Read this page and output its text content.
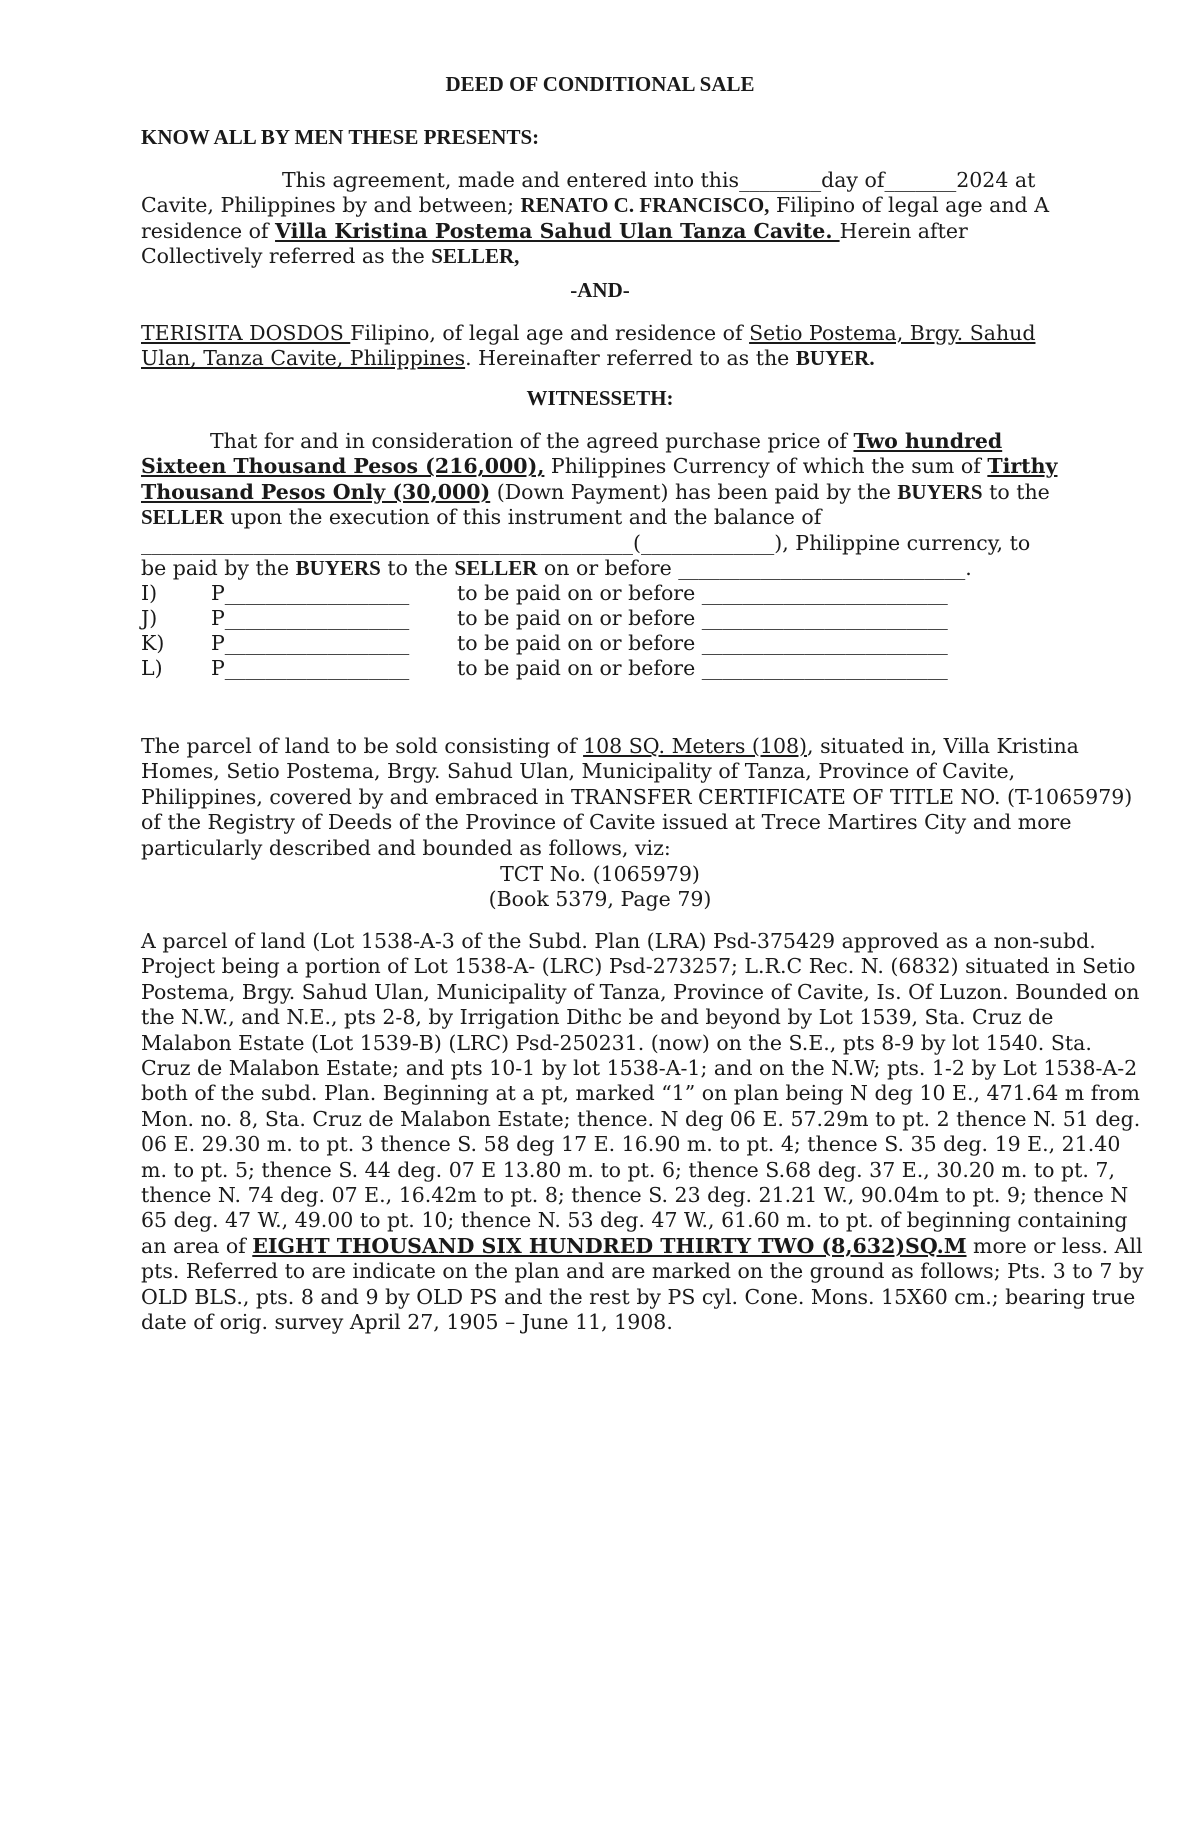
DEED OF CONDITIONAL SALE

KNOW ALL BY MEN THESE PRESENTS:

This agreement, made and entered into this________day of_______2024 at Cavite, Philippines by and between; RENATO C. FRANCISCO, Filipino of legal age and A residence of Villa Kristina Postema Sahud Ulan Tanza Cavite. Herein after Collectively referred as the SELLER,

-AND-

TERISITA DOSDOS Filipino, of legal age and residence of Setio Postema, Brgy. Sahud Ulan, Tanza Cavite, Philippines. Hereinafter referred to as the BUYER.

WITNESSETH:

That for and in consideration of the agreed purchase price of Two hundred Sixteen Thousand Pesos (216,000), Philippines Currency of which the sum of Tirthy Thousand Pesos Only (30,000) (Down Payment) has been paid by the BUYERS to the SELLER upon the execution of this instrument and the balance of ________________________________________________(_____________), Philippine currency, to be paid by the BUYERS to the SELLER on or before ____________________________.

I)	P__________________ to be paid on or before ________________________
J)	P__________________ to be paid on or before ________________________
K) P__________________ to be paid on or before ________________________
L) P__________________ to be paid on or before ________________________

The parcel of land to be sold consisting of 108 SQ. Meters (108), situated in, Villa Kristina Homes, Setio Postema, Brgy. Sahud Ulan, Municipality of Tanza, Province of Cavite, Philippines, covered by and embraced in TRANSFER CERTIFICATE OF TITLE NO. (T-1065979) of the Registry of Deeds of the Province of Cavite issued at Trece Martires City and more particularly described and bounded as follows, viz:

TCT No. (1065979)

(Book 5379, Page 79)

A parcel of land (Lot 1538-A-3 of the Subd. Plan (LRA) Psd-375429 approved as a non-subd. Project being a portion of Lot 1538-A- (LRC) Psd-273257; L.R.C Rec. N. (6832) situated in Setio Postema, Brgy. Sahud Ulan, Municipality of Tanza, Province of Cavite, Is. Of Luzon. Bounded on the N.W., and N.E., pts 2-8, by Irrigation Dithc be and beyond by Lot 1539, Sta. Cruz de Malabon Estate (Lot 1539-B) (LRC) Psd-250231. (now) on the S.E., pts 8-9 by lot 1540. Sta. Cruz de Malabon Estate; and pts 10-1 by lot 1538-A-1; and on the N.W; pts. 1-2 by Lot 1538-A-2 both of the subd. Plan. Beginning at a pt, marked “1” on plan being N deg 10 E., 471.64 m from Mon. no. 8, Sta. Cruz de Malabon Estate; thence. N deg 06 E. 57.29m to pt. 2 thence N. 51 deg. 06 E. 29.30 m. to pt. 3 thence S. 58 deg 17 E. 16.90 m. to pt. 4; thence S. 35 deg. 19 E., 21.40 m. to pt. 5; thence S. 44 deg. 07 E 13.80 m. to pt. 6; thence S.68 deg. 37 E., 30.20 m. to pt. 7, thence N. 74 deg. 07 E., 16.42m to pt. 8; thence S. 23 deg. 21.21 W., 90.04m to pt. 9; thence N 65 deg. 47 W., 49.00 to pt. 10; thence N. 53 deg. 47 W., 61.60 m. to pt. of beginning containing an area of EIGHT THOUSAND SIX HUNDRED THIRTY TWO (8,632)SQ.M more or less. All pts. Referred to are indicate on the plan and are marked on the ground as follows; Pts. 3 to 7 by OLD BLS., pts. 8 and 9 by OLD PS and the rest by PS cyl. Cone. Mons. 15X60 cm.; bearing true date of orig. survey April 27, 1905 – June 11, 1908.
